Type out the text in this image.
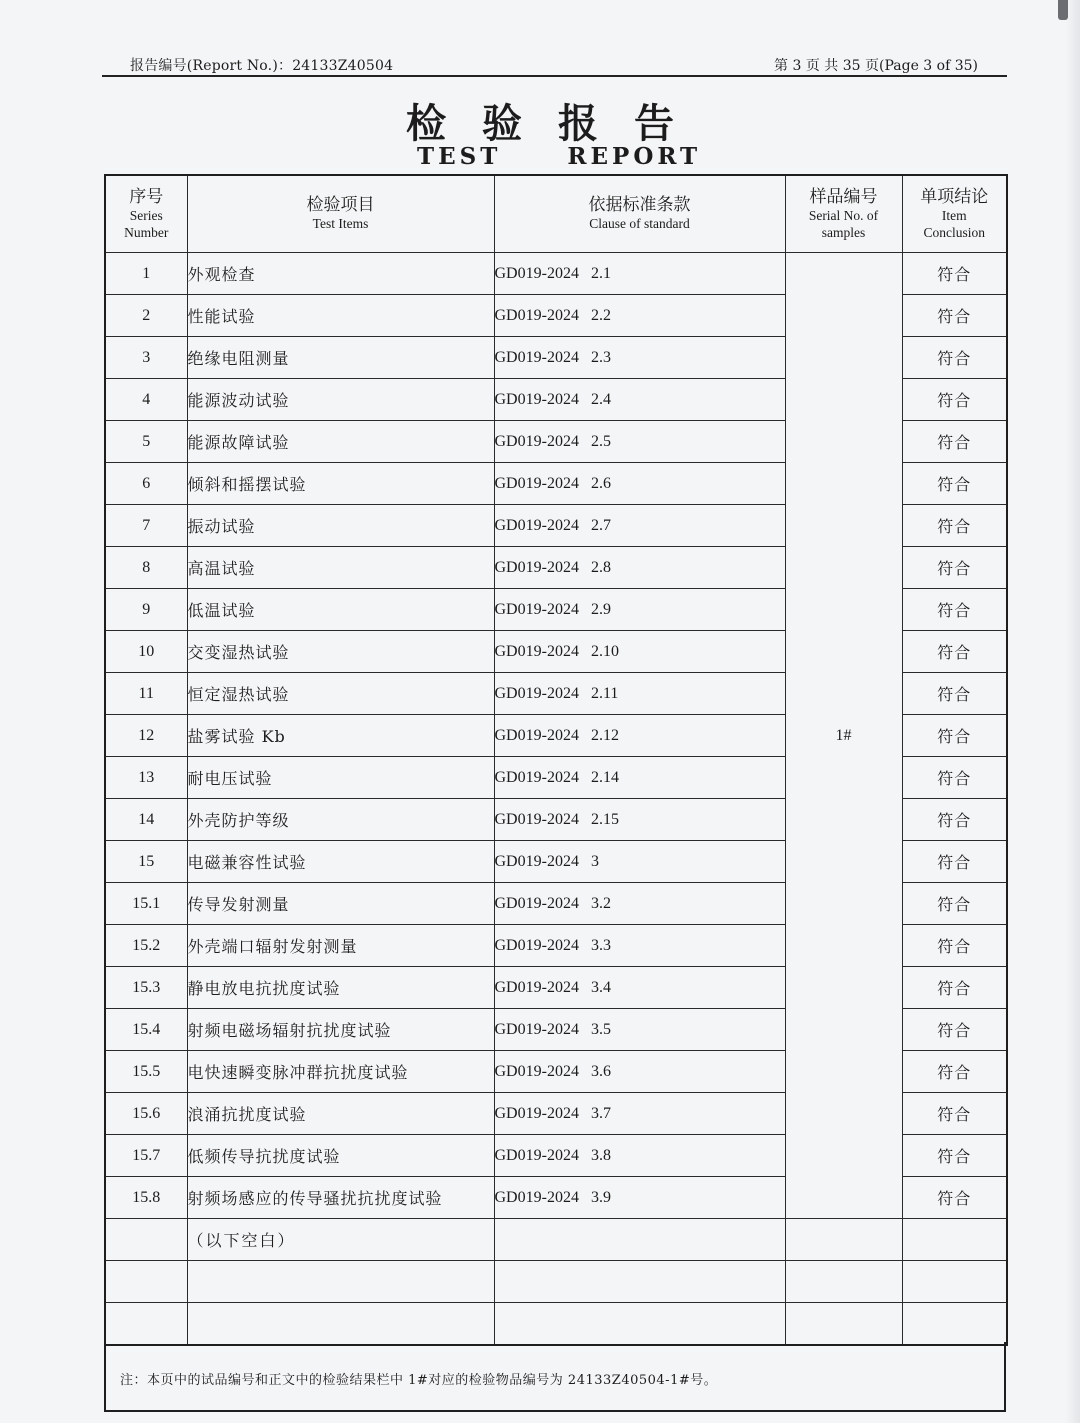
报告编号(Report No.)：24133Z40504	第 3 页 共 35 页(Page 3 of 35)
检验报告
TEST	REPORT
序号
Series
Number	检验项目
Test Items	依据标准条款
Clause of standard	样品编号
Serial No. of
samples	单项结论
Item
Conclusion

1	外观检查	GD019-2024   2.1	1#	符合
2	性能试验	GD019-2024   2.2		符合
3	绝缘电阻测量	GD019-2024   2.3		符合
4	能源波动试验	GD019-2024   2.4		符合
5	能源故障试验	GD019-2024   2.5		符合
6	倾斜和摇摆试验	GD019-2024   2.6		符合
7	振动试验	GD019-2024   2.7		符合
8	高温试验	GD019-2024   2.8		符合
9	低温试验	GD019-2024   2.9		符合
10	交变湿热试验	GD019-2024   2.10		符合
11	恒定湿热试验	GD019-2024   2.11		符合
12	盐雾试验 Kb	GD019-2024   2.12		符合
13	耐电压试验	GD019-2024   2.14		符合
14	外壳防护等级	GD019-2024   2.15		符合
15	电磁兼容性试验	GD019-2024   3		符合
15.1	传导发射测量	GD019-2024   3.2		符合
15.2	外壳端口辐射发射测量	GD019-2024   3.3		符合
15.3	静电放电抗扰度试验	GD019-2024   3.4		符合
15.4	射频电磁场辐射抗扰度试验	GD019-2024   3.5		符合
15.5	电快速瞬变脉冲群抗扰度试验	GD019-2024   3.6		符合
15.6	浪涌抗扰度试验	GD019-2024   3.7		符合
15.7	低频传导抗扰度试验	GD019-2024   3.8		符合
15.8	射频场感应的传导骚扰抗扰度试验	GD019-2024   3.9		符合
	（以下空白）			

注：本页中的试品编号和正文中的检验结果栏中 1#对应的检验物品编号为 24133Z40504-1#号。
